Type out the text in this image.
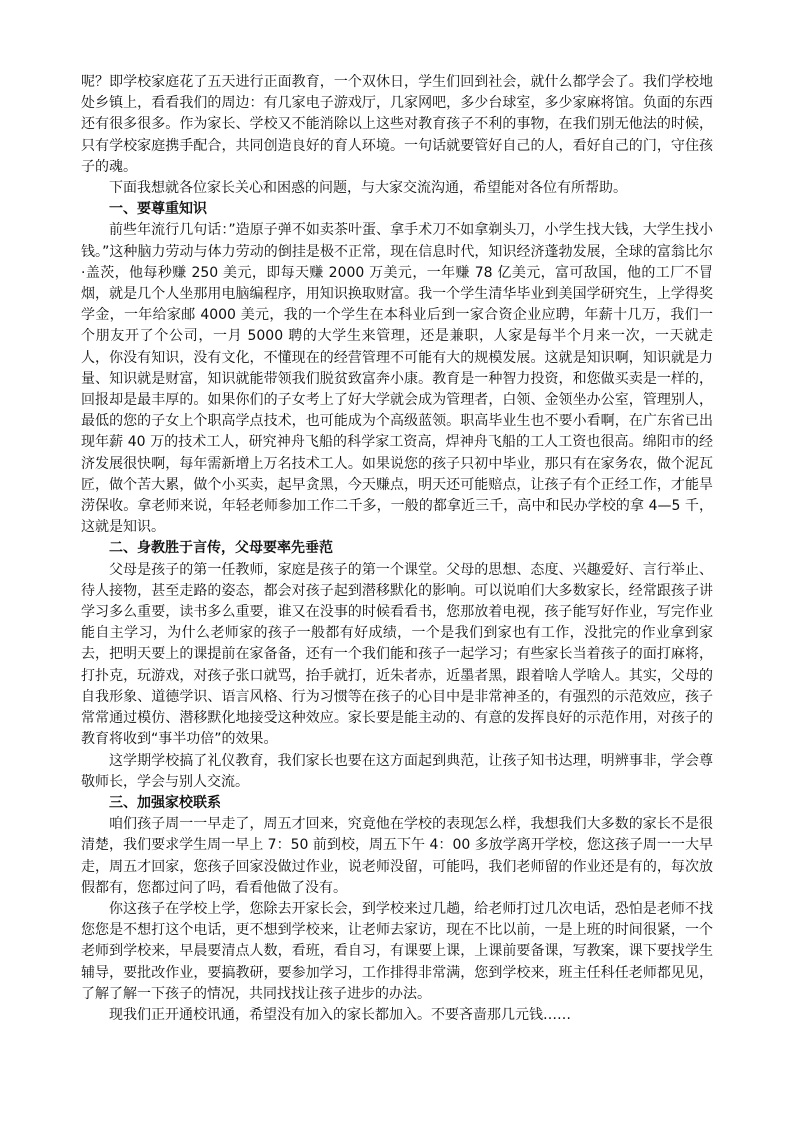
呢？即学校家庭花了五天进行正面教育，一个双休日，学生们回到社会，就什么都学会了。我们学校地处乡镇上，看看我们的周边：有几家电子游戏厅，几家网吧，多少台球室，多少家麻将馆。负面的东西还有很多很多。作为家长、学校又不能消除以上这些对教育孩子不利的事物，在我们别无他法的时候，只有学校家庭携手配合，共同创造良好的育人环境。一句话就要管好自己的人，看好自己的门，守住孩子的魂。

下面我想就各位家长关心和困惑的问题，与大家交流沟通，希望能对各位有所帮助。

一、要尊重知识

前些年流行几句话：”造原子弹不如卖茶叶蛋、拿手术刀不如拿剃头刀，小学生找大钱，大学生找小钱。”这种脑力劳动与体力劳动的倒挂是极不正常，现在信息时代，知识经济蓬勃发展，全球的富翁比尔·盖茨，他每秒赚 250 美元，即每天赚 2000 万美元，一年赚 78 亿美元，富可敌国，他的工厂不冒烟，就是几个人坐那用电脑编程序，用知识换取财富。我一个学生清华毕业到美国学研究生，上学得奖学金，一年给家邮 4000 美元，我的一个学生在本科业后到一家合资企业应聘，年薪十几万，我们一个朋友开了个公司，一月 5000 聘的大学生来管理，还是兼职，人家是每半个月来一次，一天就走人，你没有知识，没有文化，不懂现在的经营管理不可能有大的规模发展。这就是知识啊，知识就是力量、知识就是财富，知识就能带领我们脱贫致富奔小康。教育是一种智力投资，和您做买卖是一样的，回报却是最丰厚的。如果你们的子女考上了好大学就会成为管理者，白领、金领坐办公室，管理别人，最低的您的子女上个职高学点技术，也可能成为个高级蓝领。职高毕业生也不要小看啊，在广东省已出现年薪 40 万的技术工人，研究神舟飞船的科学家工资高，焊神舟飞船的工人工资也很高。绵阳市的经济发展很快啊，每年需新增上万名技术工人。如果说您的孩子只初中毕业，那只有在家务农，做个泥瓦匠，做个苦大累，做个小买卖，起早贪黑，今天赚点，明天还可能赔点，让孩子有个正经工作，才能旱涝保收。拿老师来说，年轻老师参加工作二千多，一般的都拿近三千，高中和民办学校的拿 4—5 千，这就是知识。

二、身教胜于言传，父母要率先垂范

父母是孩子的第一任教师，家庭是孩子的第一个课堂。父母的思想、态度、兴趣爱好、言行举止、待人接物，甚至走路的姿态，都会对孩子起到潜移默化的影响。可以说咱们大多数家长，经常跟孩子讲学习多么重要，读书多么重要，谁又在没事的时候看看书，您那放着电视，孩子能写好作业，写完作业能自主学习，为什么老师家的孩子一般都有好成绩，一个是我们到家也有工作，没批完的作业拿到家去，把明天要上的课提前在家备备，还有一个我们能和孩子一起学习；有些家长当着孩子的面打麻将，打扑克，玩游戏，对孩子张口就骂，抬手就打，近朱者赤，近墨者黑，跟着啥人学啥人。其实，父母的自我形象、道德学识、语言风格、行为习惯等在孩子的心目中是非常神圣的，有强烈的示范效应，孩子常常通过模仿、潜移默化地接受这种效应。家长要是能主动的、有意的发挥良好的示范作用，对孩子的教育将收到“事半功倍”的效果。

这学期学校搞了礼仪教育，我们家长也要在这方面起到典范，让孩子知书达理，明辨事非，学会尊敬师长，学会与别人交流。

三、加强家校联系

咱们孩子周一一早走了，周五才回来，究竟他在学校的表现怎么样，我想我们大多数的家长不是很清楚，我们要求学生周一早上 7：50 前到校，周五下午 4：00 多放学离开学校，您这孩子周一一大早走，周五才回家，您孩子回家没做过作业，说老师没留，可能吗，我们老师留的作业还是有的，每次放假都有，您都过问了吗，看看他做了没有。

你这孩子在学校上学，您除去开家长会，到学校来过几趟，给老师打过几次电话，恐怕是老师不找您您是不想打这个电话，更不想到学校来，让老师去家访，现在不比以前，一是上班的时间很紧，一个老师到学校来，早晨要清点人数，看班，看自习，有课要上课，上课前要备课，写教案，课下要找学生辅导，要批改作业，要搞教研，要参加学习，工作排得非常满，您到学校来，班主任科任老师都见见，了解了解一下孩子的情况，共同找找让孩子进步的办法。

现我们正开通校讯通，希望没有加入的家长都加入。不要吝啬那几元钱……
